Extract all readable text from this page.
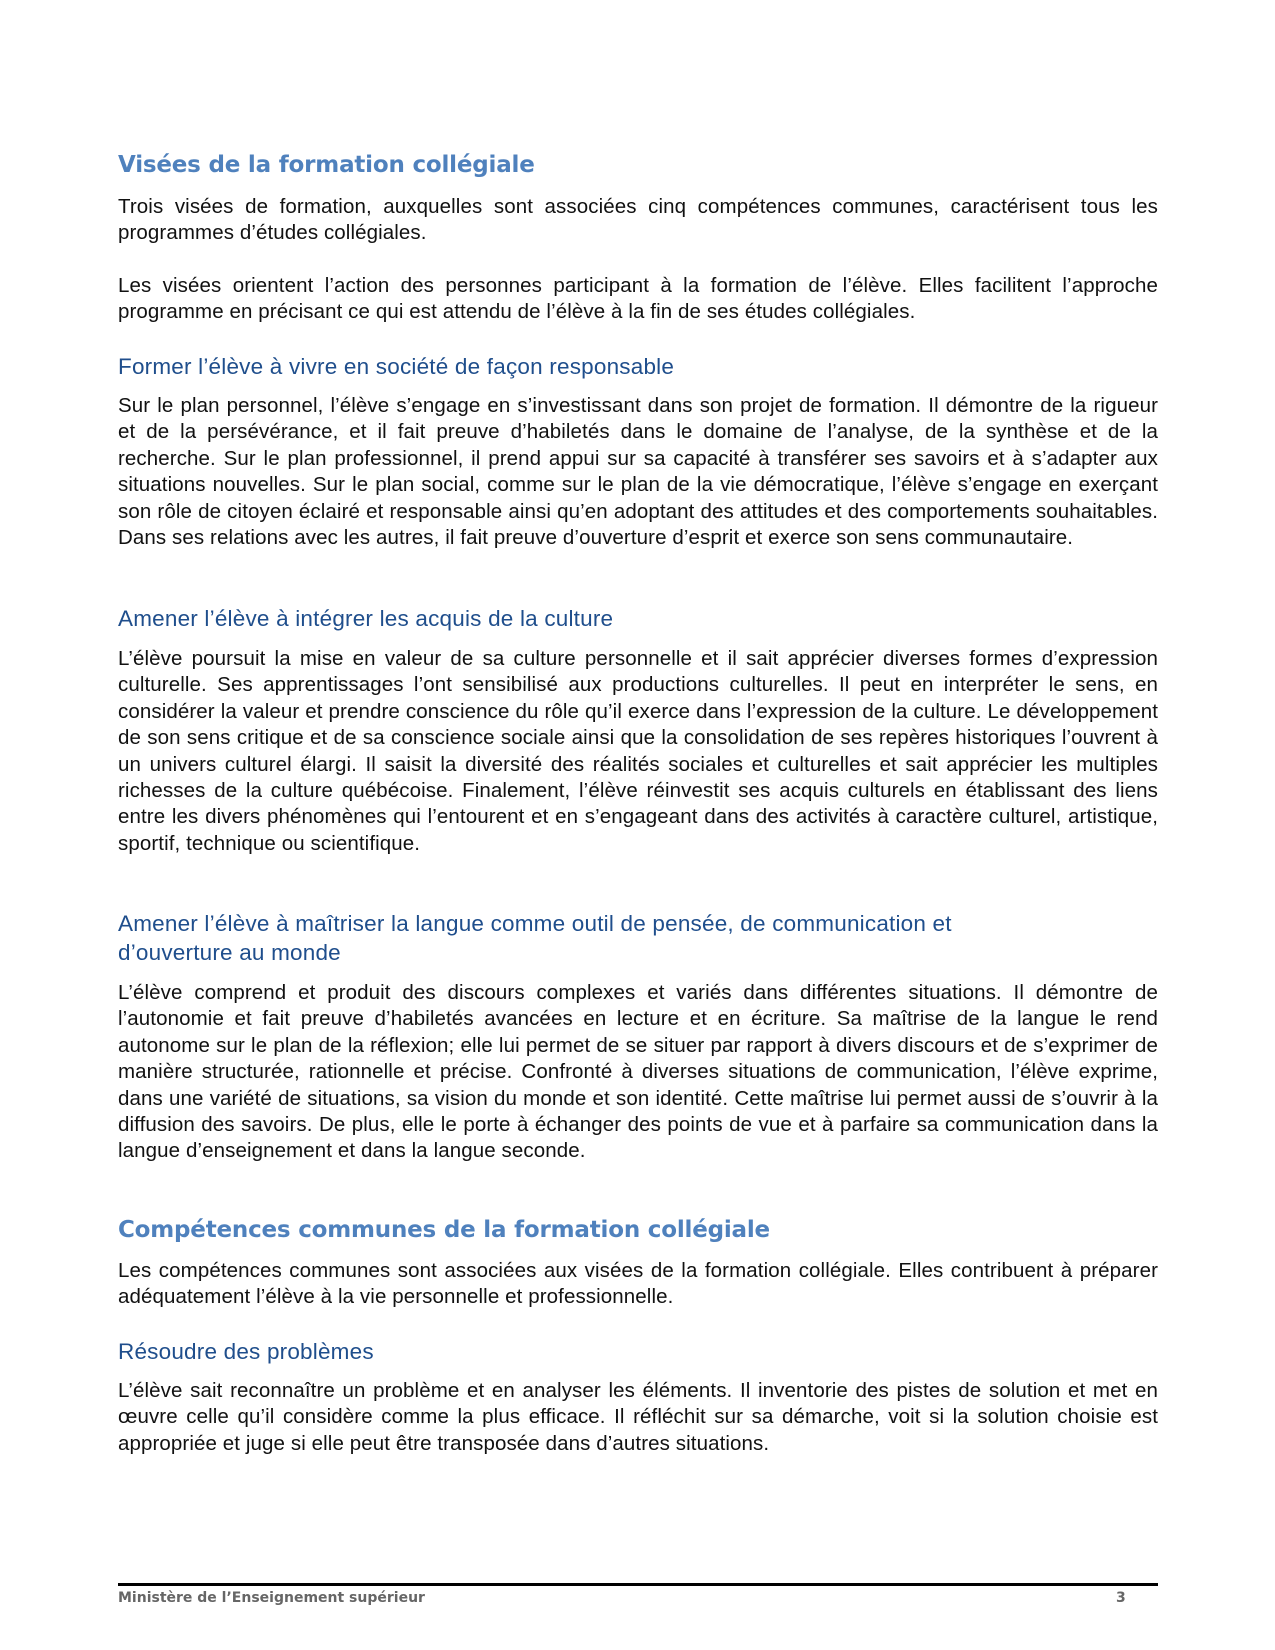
Visées de la formation collégiale

Trois visées de formation, auxquelles sont associées cinq compétences communes, caractérisent tous les programmes d’études collégiales.

Les visées orientent l’action des personnes participant à la formation de l’élève. Elles facilitent l’approche programme en précisant ce qui est attendu de l’élève à la fin de ses études collégiales.

Former l’élève à vivre en société de façon responsable

Sur le plan personnel, l’élève s’engage en s’investissant dans son projet de formation. Il démontre de la rigueur et de la persévérance, et il fait preuve d’habiletés dans le domaine de l’analyse, de la synthèse et de la recherche. Sur le plan professionnel, il prend appui sur sa capacité à transférer ses savoirs et à s’adapter aux situations nouvelles. Sur le plan social, comme sur le plan de la vie démocratique, l’élève s’engage en exerçant son rôle de citoyen éclairé et responsable ainsi qu’en adoptant des attitudes et des comportements souhaitables. Dans ses relations avec les autres, il fait preuve d’ouverture d’esprit et exerce son sens communautaire.

Amener l’élève à intégrer les acquis de la culture

L’élève poursuit la mise en valeur de sa culture personnelle et il sait apprécier diverses formes d’expression culturelle. Ses apprentissages l’ont sensibilisé aux productions culturelles. Il peut en interpréter le sens, en considérer la valeur et prendre conscience du rôle qu’il exerce dans l’expression de la culture. Le développement de son sens critique et de sa conscience sociale ainsi que la consolidation de ses repères historiques l’ouvrent à un univers culturel élargi. Il saisit la diversité des réalités sociales et culturelles et sait apprécier les multiples richesses de la culture québécoise. Finalement, l’élève réinvestit ses acquis culturels en établissant des liens entre les divers phénomènes qui l’entourent et en s’engageant dans des activités à caractère culturel, artistique, sportif, technique ou scientifique.

Amener l’élève à maîtriser la langue comme outil de pensée, de communication et d’ouverture au monde

L’élève comprend et produit des discours complexes et variés dans différentes situations. Il démontre de l’autonomie et fait preuve d’habiletés avancées en lecture et en écriture. Sa maîtrise de la langue le rend autonome sur le plan de la réflexion; elle lui permet de se situer par rapport à divers discours et de s’exprimer de manière structurée, rationnelle et précise. Confronté à diverses situations de communication, l’élève exprime, dans une variété de situations, sa vision du monde et son identité. Cette maîtrise lui permet aussi de s’ouvrir à la diffusion des savoirs. De plus, elle le porte à échanger des points de vue et à parfaire sa communication dans la langue d’enseignement et dans la langue seconde.

Compétences communes de la formation collégiale

Les compétences communes sont associées aux visées de la formation collégiale. Elles contribuent à préparer adéquatement l’élève à la vie personnelle et professionnelle.

Résoudre des problèmes

L’élève sait reconnaître un problème et en analyser les éléments. Il inventorie des pistes de solution et met en œuvre celle qu’il considère comme la plus efficace. Il réfléchit sur sa démarche, voit si la solution choisie est appropriée et juge si elle peut être transposée dans d’autres situations.

Ministère de l’Enseignement supérieur	3
